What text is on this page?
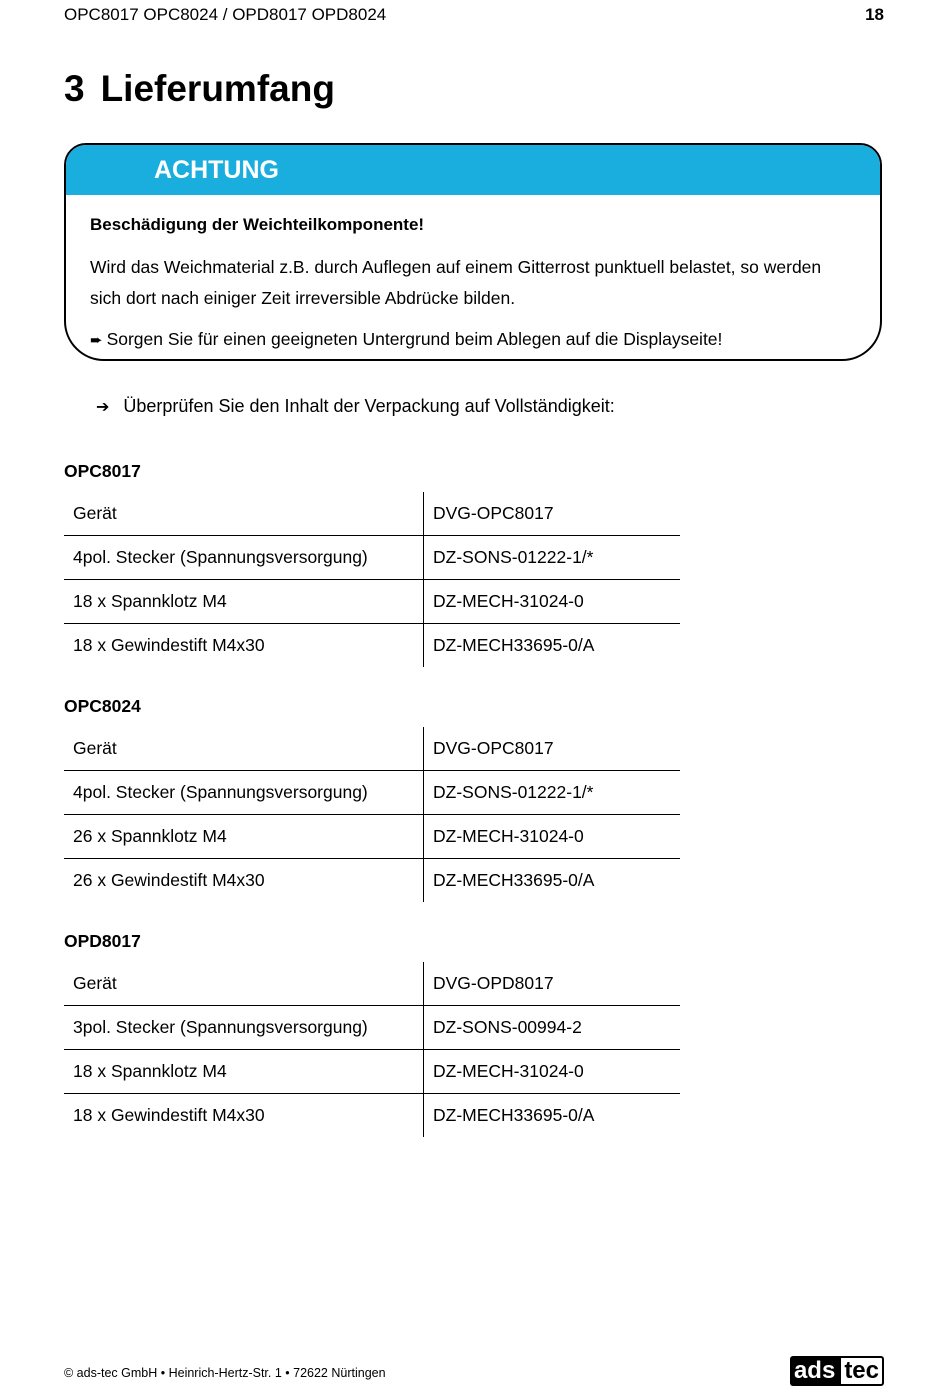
OPC8017 OPC8024 / OPD8017 OPD8024	18
3 Lieferumfang
ACHTUNG
Beschädigung der Weichteilkomponente!
Wird das Weichmaterial z.B. durch Auflegen auf einem Gitterrost punktuell belastet, so werden sich dort nach einiger Zeit irreversible Abdrücke bilden.
➨ Sorgen Sie für einen geeigneten Untergrund beim Ablegen auf die Displayseite!
➔ Überprüfen Sie den Inhalt der Verpackung auf Vollständigkeit:
OPC8017
Gerät	DVG-OPC8017
4pol. Stecker (Spannungsversorgung)	DZ-SONS-01222-1/*
18 x Spannklotz M4	DZ-MECH-31024-0
18 x Gewindestift M4x30	DZ-MECH33695-0/A
OPC8024
Gerät	DVG-OPC8017
4pol. Stecker (Spannungsversorgung)	DZ-SONS-01222-1/*
26 x Spannklotz M4	DZ-MECH-31024-0
26 x Gewindestift M4x30	DZ-MECH33695-0/A
OPD8017
Gerät	DVG-OPD8017
3pol. Stecker (Spannungsversorgung)	DZ-SONS-00994-2
18 x Spannklotz M4	DZ-MECH-31024-0
18 x Gewindestift M4x30	DZ-MECH33695-0/A
© ads-tec GmbH • Heinrich-Hertz-Str. 1 • 72622 Nürtingen	ads tec
